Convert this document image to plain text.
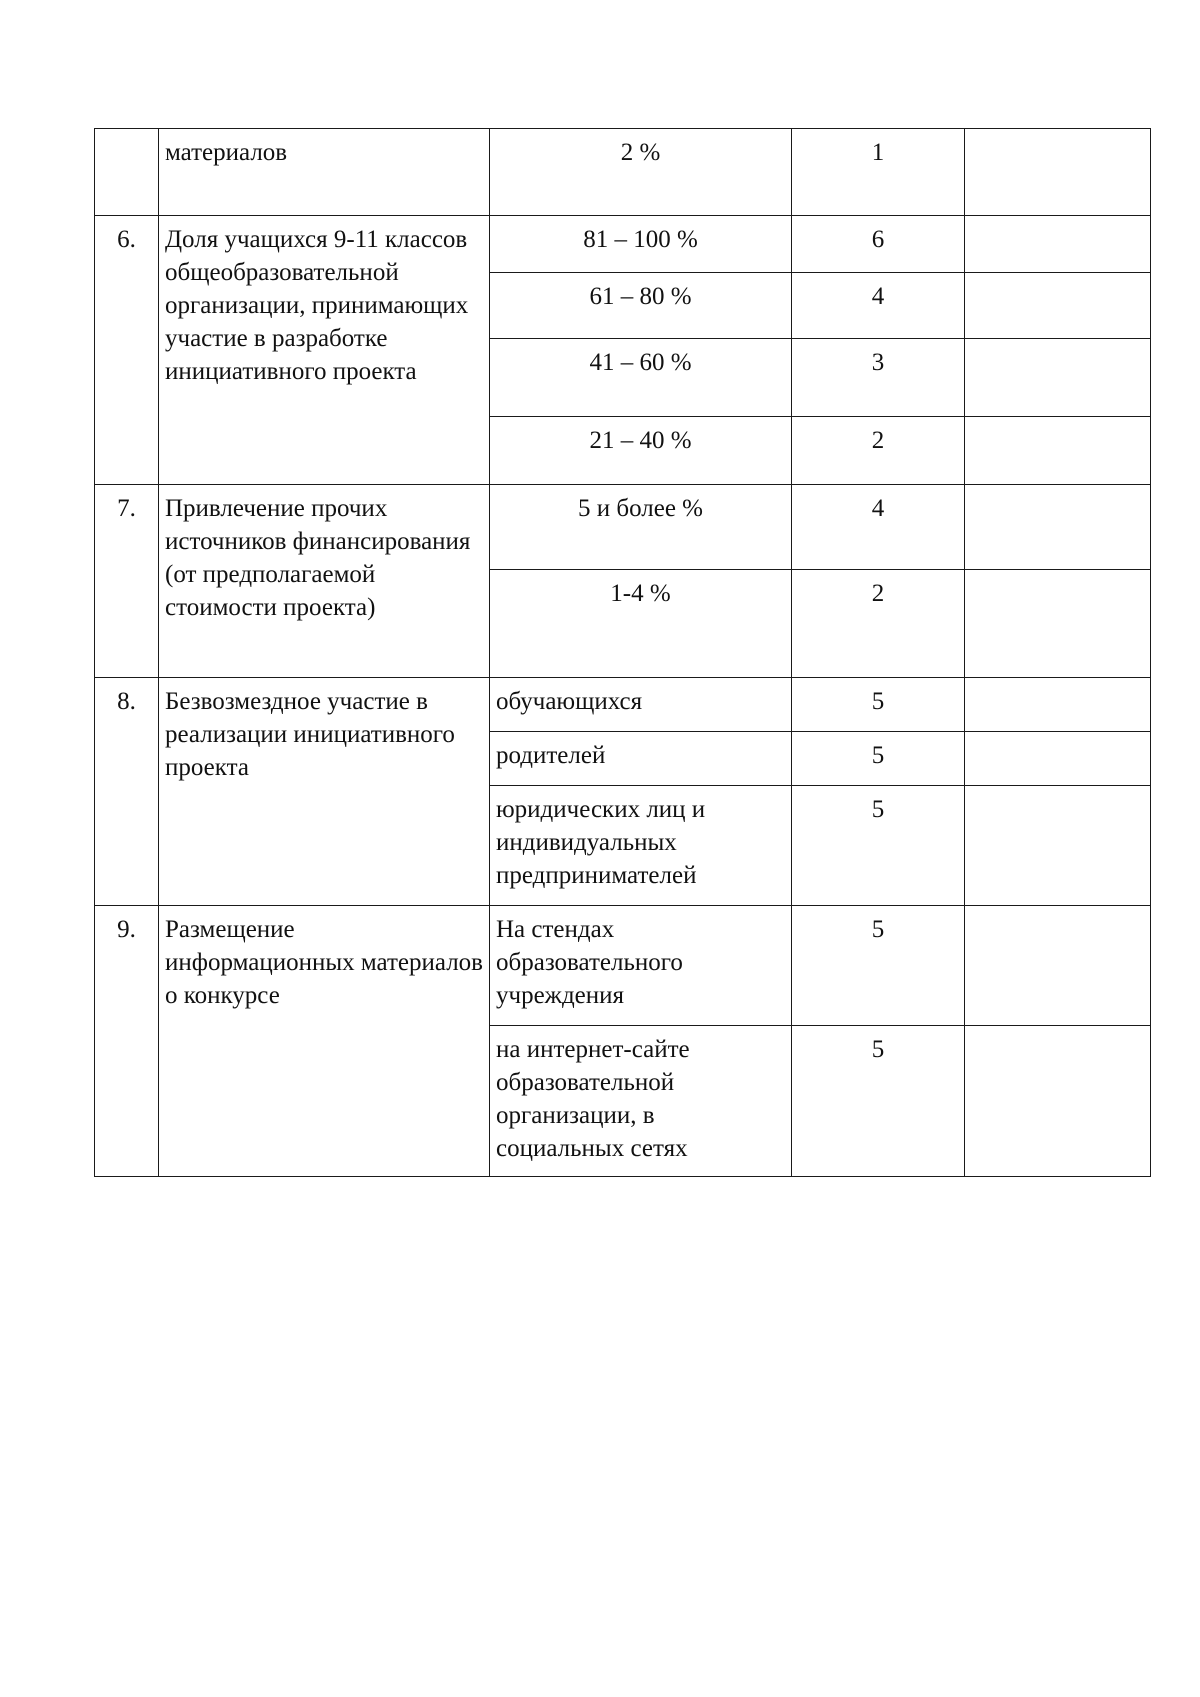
	материалов	2 %	1	

6.	Доля учащихся 9-11 классов общеобразовательной организации, принимающих участие в разработке инициативного проекта	81 – 100 %	6	

		61 – 80 %	4	

		41 – 60 %	3	

		21 – 40 %	2	

7.	Привлечение прочих источников финансирования (от предполагаемой стоимости проекта)	5 и более %	4	

		1-4 %	2	

8.	Безвозмездное участие в реализации инициативного проекта	обучающихся	5	

		родителей	5	

		юридических лиц и индивидуальных предпринимателей	5	

9.	Размещение информационных материалов о конкурсе	На стендах образовательного учреждения	5	

		на интернет-сайте образовательной организации, в социальных сетях	5	
